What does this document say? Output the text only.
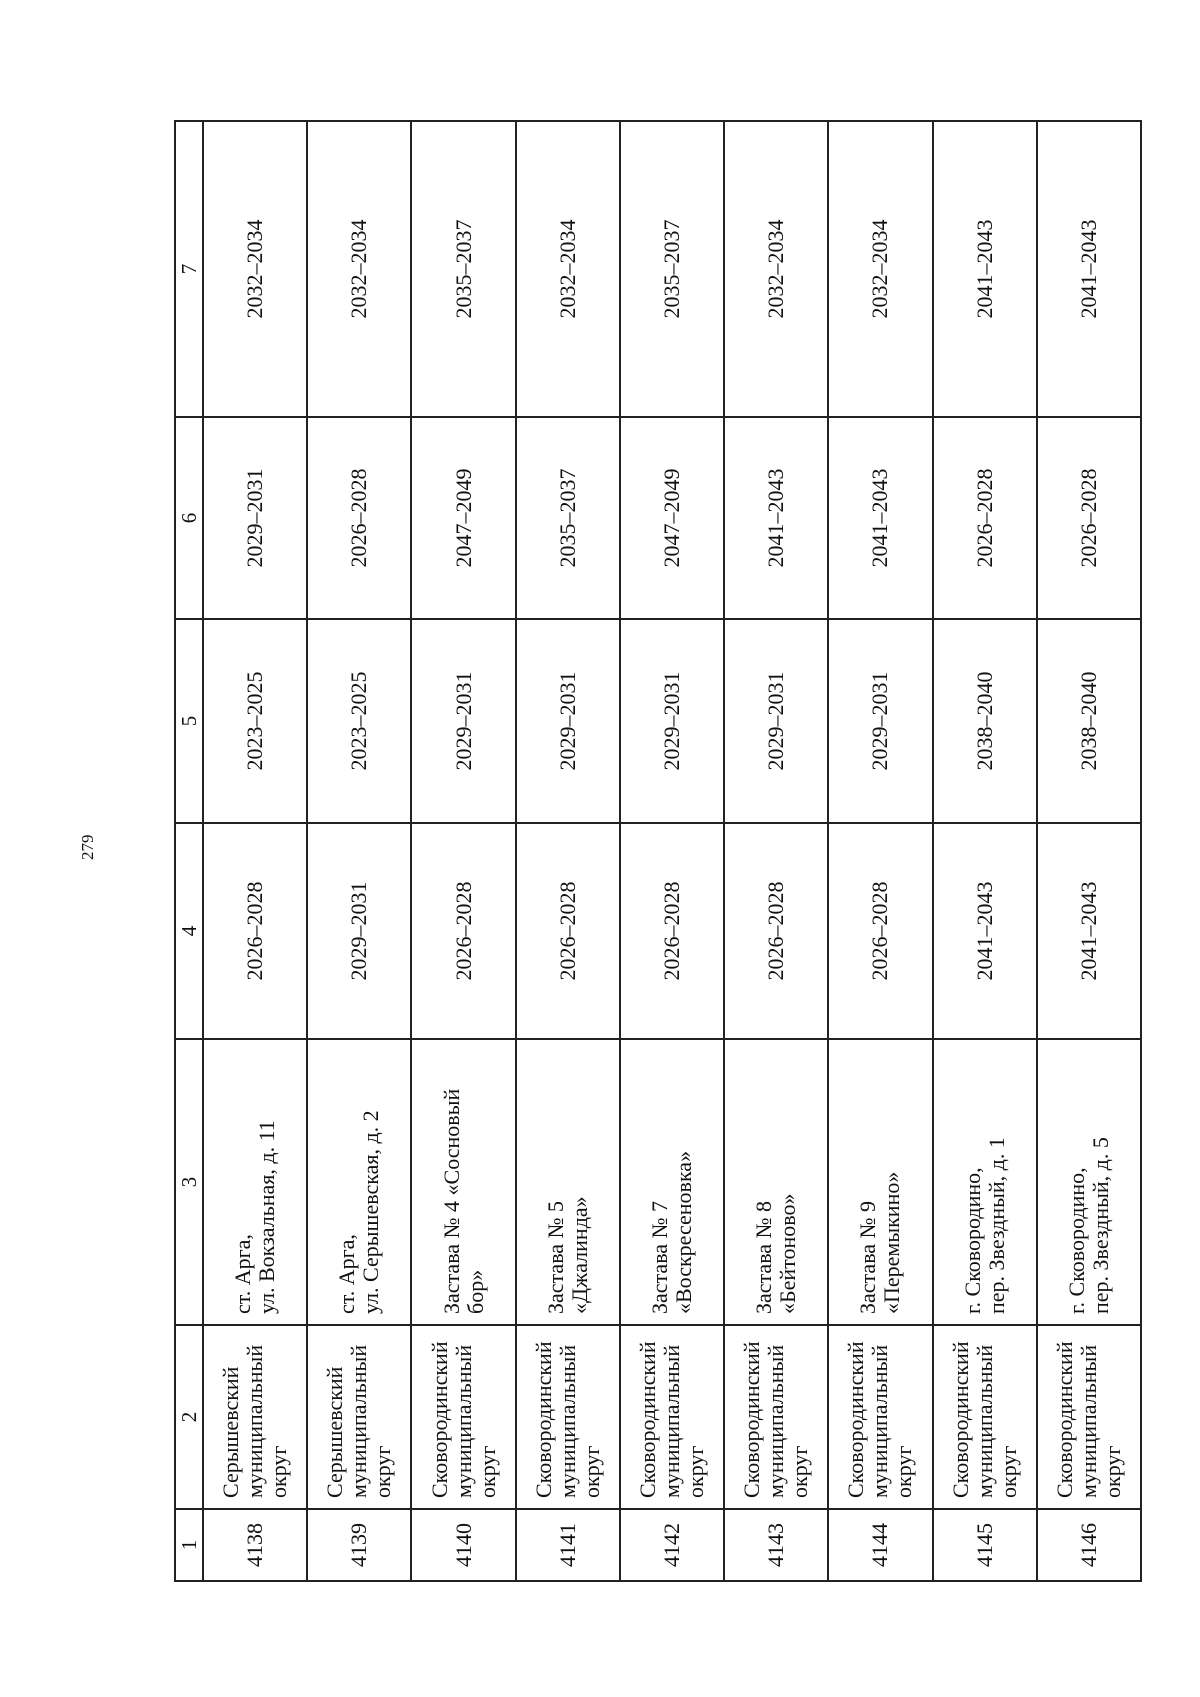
279
1	2	3	4	5	6	7
4138	Серышевский муниципальный округ	ст. Арга, ул. Вокзальная, д. 11	2026–2028	2023–2025	2029–2031	2032–2034
4139	Серышевский муниципальный округ	ст. Арга, ул. Серышевская, д. 2	2029–2031	2023–2025	2026–2028	2032–2034
4140	Сковородинский муниципальный округ	Застава № 4 «Сосновый бор»	2026–2028	2029–2031	2047–2049	2035–2037
4141	Сковородинский муниципальный округ	Застава № 5 «Джалинда»	2026–2028	2029–2031	2035–2037	2032–2034
4142	Сковородинский муниципальный округ	Застава № 7 «Воскресеновка»	2026–2028	2029–2031	2047–2049	2035–2037
4143	Сковородинский муниципальный округ	Застава № 8 «Бейтоново»	2026–2028	2029–2031	2041–2043	2032–2034
4144	Сковородинский муниципальный округ	Застава № 9 «Перемыкино»	2026–2028	2029–2031	2041–2043	2032–2034
4145	Сковородинский муниципальный округ	г. Сковородино, пер. Звездный, д. 1	2041–2043	2038–2040	2026–2028	2041–2043
4146	Сковородинский муниципальный округ	г. Сковородино, пер. Звездный, д. 5	2041–2043	2038–2040	2026–2028	2041–2043
